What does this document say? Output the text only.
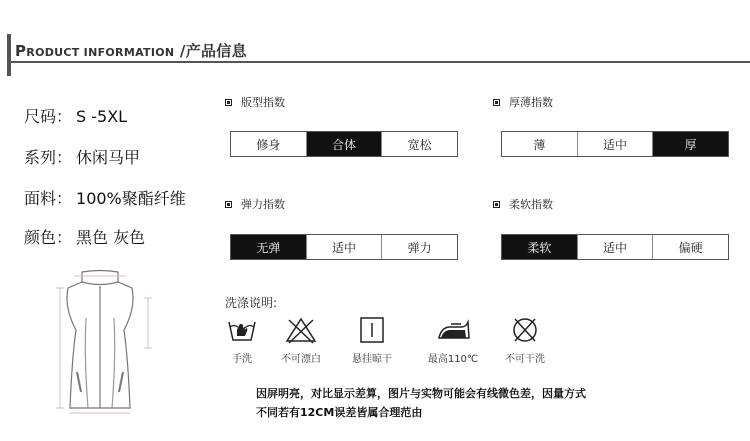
PRODUCT INFORMATION /产品信息
尺码： S -5XL
系列： 休闲马甲
面料： 100%聚酯纤维
颜色： 黑色 灰色
版型指数
修身	合体	宽松
厚薄指数
薄	适中	厚
弹力指数
无弹	适中	弹力
柔软指数
柔软	适中	偏硬
洗涤说明:
手洗	不可漂白	悬挂晾干	最高110℃	不可干洗
因屏明亮，对比显示差算，图片与实物可能会有线微色差，因量方式
不同若有12CM误差皆属合理范由
